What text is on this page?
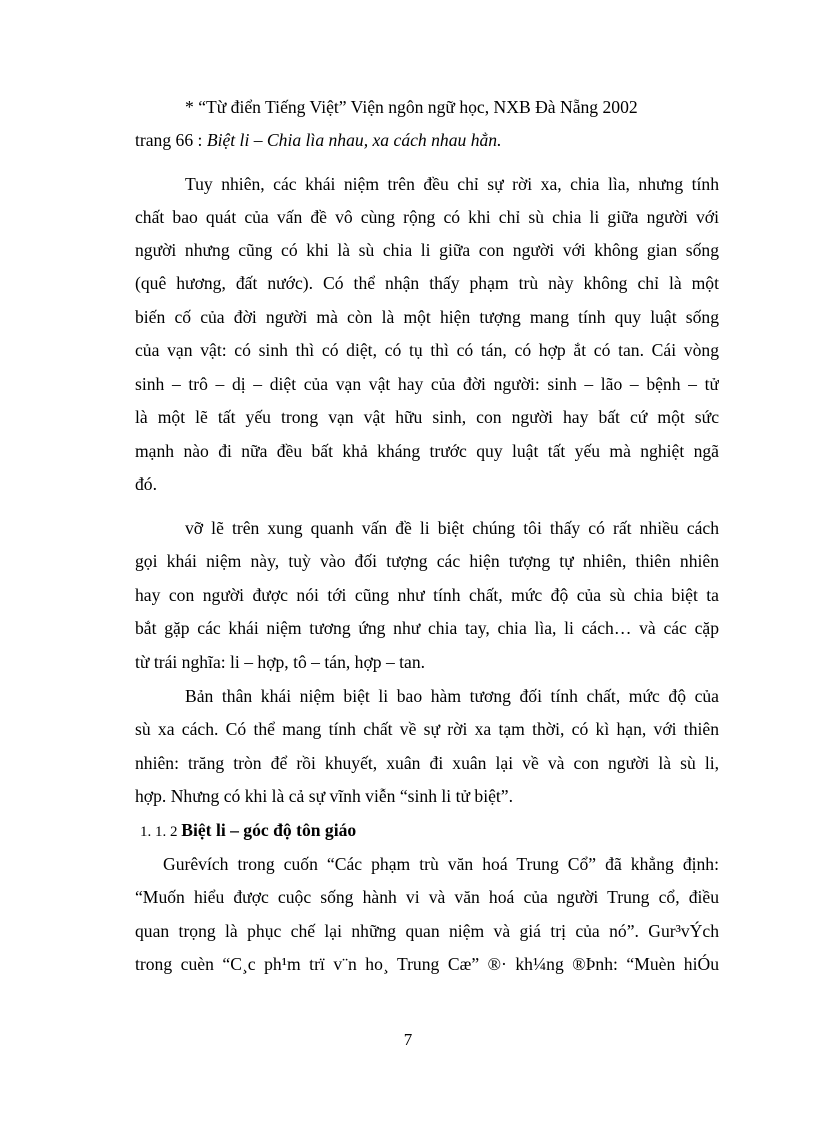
* “Từ điển Tiếng Việt” Viện ngôn ngữ học, NXB Đà Nẵng 2002
trang 66 : Biệt li – Chia lìa nhau, xa cách nhau hẳn.
Tuy nhiên, các khái niệm trên đều chỉ sự rời xa, chia lìa, nhưng tính
chất bao quát của vấn đề vô cùng rộng có khi chỉ sù chia li giữa người với
người nhưng cũng có khi là sù chia li giữa con người với không gian sống
(quê hương, đất nước). Có thể nhận thấy phạm trù này không chỉ là một
biến cố của đời người mà còn là một hiện tượng mang tính quy luật sống
của vạn vật: có sinh thì có diệt, có tụ thì có tán, có hợp ắt có tan. Cái vòng
sinh – trô – dị – diệt của vạn vật hay của đời người: sinh – lão – bệnh – tử
là một lẽ tất yếu trong vạn vật hữu sinh, con người hay bất cứ một sức
mạnh nào đi nữa đều bất khả kháng trước quy luật tất yếu mà nghiệt ngã
đó.
vỡ lẽ trên xung quanh vấn đề li biệt chúng tôi thấy có rất nhiều cách
gọi khái niệm này, tuỳ vào đối tượng các hiện tượng tự nhiên, thiên nhiên
hay con người được nói tới cũng như tính chất, mức độ của sù chia biệt ta
bắt gặp các khái niệm tương ứng như chia tay, chia lìa, li cách… và các cặp
từ trái nghĩa: li – hợp, tô – tán, hợp – tan.
Bản thân khái niệm biệt li bao hàm tương đối tính chất, mức độ của
sù xa cách. Có thể mang tính chất về sự rời xa tạm thời, có kì hạn, với thiên
nhiên: trăng tròn để rồi khuyết, xuân đi xuân lại về và con người là sù li,
hợp. Nhưng có khi là cả sự vĩnh viễn “sinh li tử biệt”.
1. 1. 2 Biệt li – góc độ tôn giáo
Gurêvích trong cuốn “Các phạm trù văn hoá Trung Cổ” đã khẳng định:
“Muốn hiểu được cuộc sống hành vi và văn hoá của người Trung cổ, điều
quan trọng là phục chế lại những quan niệm và giá trị của nó”. Gur³vÝch
trong cuèn “C¸c ph¹m trï v¨n ho¸ Trung Cæ” ®· kh¼ng ®Þnh: “Muèn hiÓu
7
